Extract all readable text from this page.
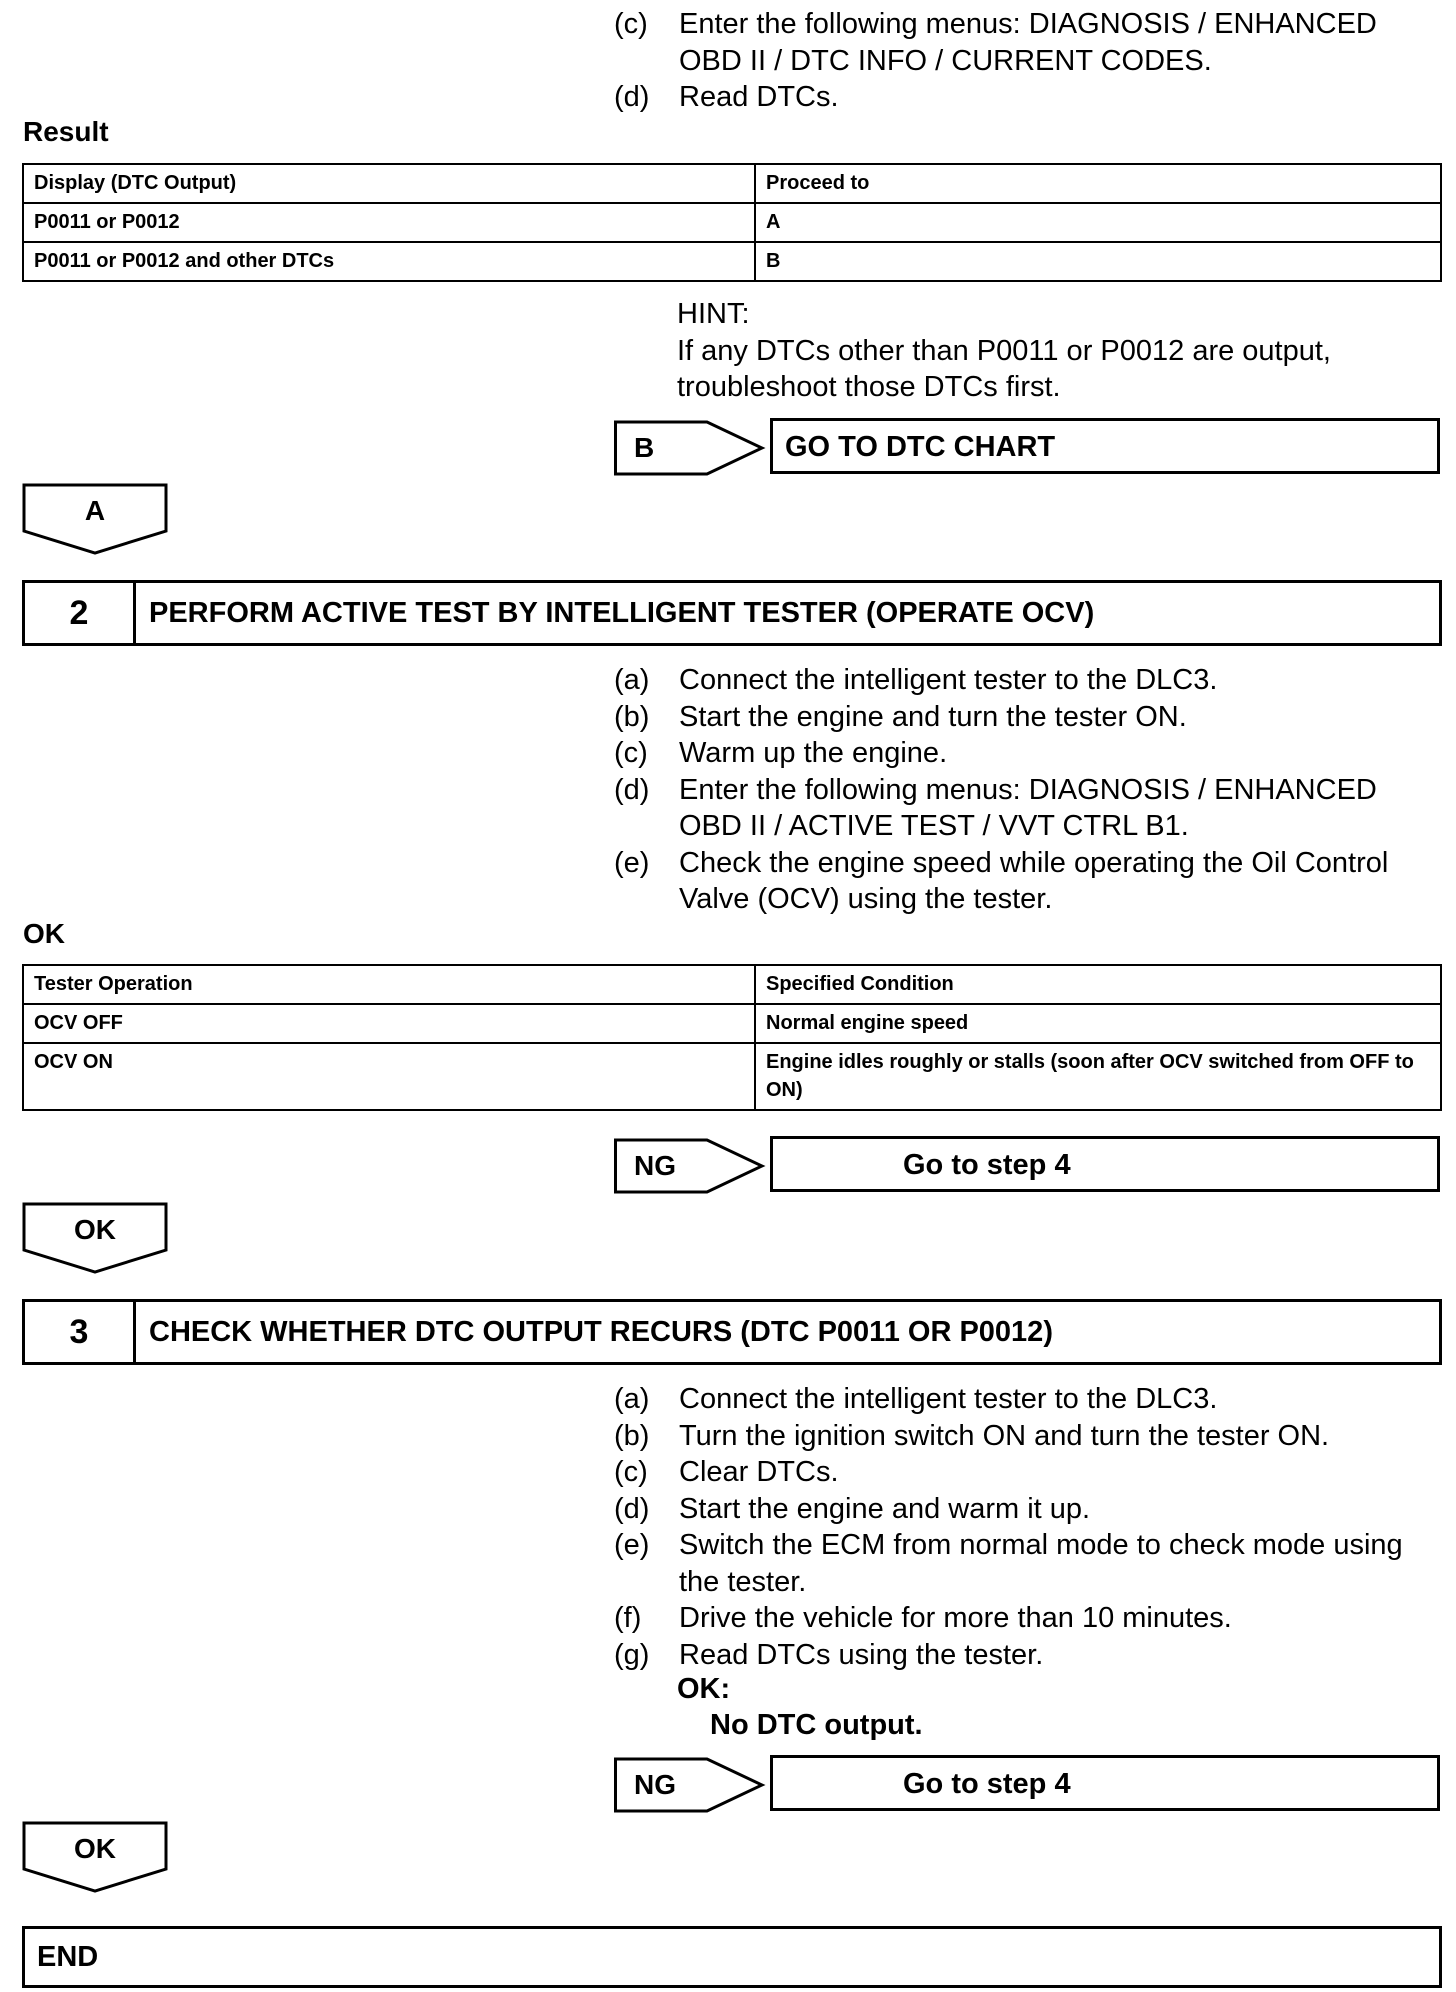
(c)	Enter the following menus: DIAGNOSIS / ENHANCED
OBD II / DTC INFO / CURRENT CODES.
(d)	Read DTCs.
Result
Display (DTC Output)	Proceed to
P0011 or P0012	A
P0011 or P0012 and other DTCs	B
HINT:
If any DTCs other than P0011 or P0012 are output,
troubleshoot those DTCs first.
B	GO TO DTC CHART
A
2	PERFORM ACTIVE TEST BY INTELLIGENT TESTER (OPERATE OCV)
(a)	Connect the intelligent tester to the DLC3.
(b)	Start the engine and turn the tester ON.
(c)	Warm up the engine.
(d)	Enter the following menus: DIAGNOSIS / ENHANCED
OBD II / ACTIVE TEST / VVT CTRL B1.
(e)	Check the engine speed while operating the Oil Control
Valve (OCV) using the tester.
OK
Tester Operation	Specified Condition
OCV OFF	Normal engine speed
OCV ON	Engine idles roughly or stalls (soon after OCV switched from OFF to ON)
NG	Go to step 4
OK
3	CHECK WHETHER DTC OUTPUT RECURS (DTC P0011 OR P0012)
(a)	Connect the intelligent tester to the DLC3.
(b)	Turn the ignition switch ON and turn the tester ON.
(c)	Clear DTCs.
(d)	Start the engine and warm it up.
(e)	Switch the ECM from normal mode to check mode using
the tester.
(f)	Drive the vehicle for more than 10 minutes.
(g)	Read DTCs using the tester.
OK:
No DTC output.
NG	Go to step 4
OK
END
